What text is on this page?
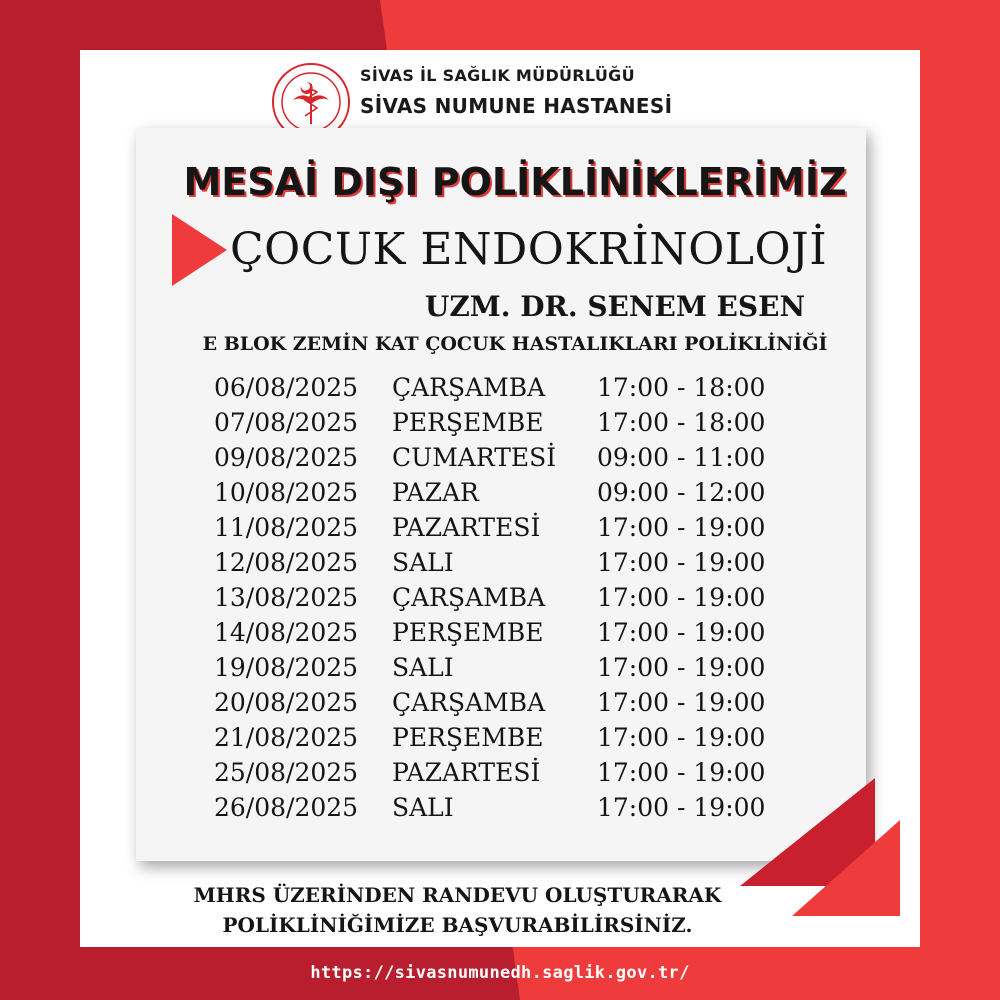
SİVAS İL SAĞLIK MÜDÜRLÜĞÜ
SİVAS NUMUNE HASTANESİ
MESAİ DIŞI POLİKLİNİKLERİMİZ
ÇOCUK ENDOKRİNOLOJİ
UZM. DR. SENEM ESEN
E BLOK ZEMİN KAT ÇOCUK HASTALIKLARI POLİKLİNİĞİ
06/08/2025 ÇARŞAMBA 17:00 - 18:00
07/08/2025 PERŞEMBE 17:00 - 18:00
09/08/2025 CUMARTESİ 09:00 - 11:00
10/08/2025 PAZAR	09:00 - 12:00
11/08/2025 PAZARTESİ 17:00 - 19:00
12/08/2025 SALI	17:00 - 19:00
13/08/2025 ÇARŞAMBA 17:00 - 19:00
14/08/2025 PERŞEMBE 17:00 - 19:00
19/08/2025 SALI	17:00 - 19:00
20/08/2025 ÇARŞAMBA 17:00 - 19:00
21/08/2025 PERŞEMBE 17:00 - 19:00
25/08/2025 PAZARTESİ 17:00 - 19:00
26/08/2025 SALI	17:00 - 19:00
MHRS ÜZERİNDEN RANDEVU OLUŞTURARAK
POLİKLİNİĞİMİZE BAŞVURABİLİRSİNİZ.
https://sivasnumunedh.saglik.gov.tr/
